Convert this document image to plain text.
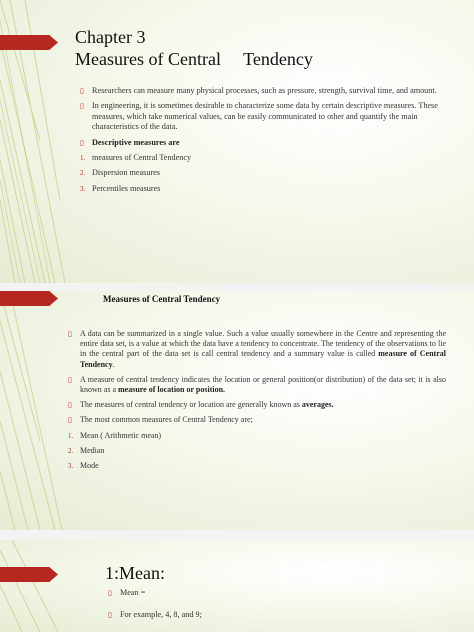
Chapter 3
Measures of Central     Tendency
▯ Researchers can measure many physical processes, such as pressure, strength, survival time, and amount.
▯ In engineering, it is sometimes desirable to characterize some data by certain descriptive measures. These measures, which take numerical values, can be easily communicated to other and quantify the main characteristics of the data.
▯ Descriptive measures are
1. measures of Central Tendency
2. Dispersion measures
3. Percentiles measures
Measures of Central Tendency
▯ A data can be summarized in a single value. Such a value usually somewhere in the Centre and representing the entire data set, is a value at which the data have a tendency to concentrate. The tendency of the observations to lie in the central part of the data set is call central tendency and a summary value is called measure of Central Tendency.
▯ A measure of central tendency indicates the location or general position(or distribution) of the data set; it is also known as a measure of location or position.
▯ The measures of central tendency or location are generally known as averages.
▯ The most common measures of Central Tendency are;
1. Mean ( Arithmetic mean)
2. Median
3. Mode
1:Mean:
▯ Mean =
▯ For example, 4, 8, and 9;
